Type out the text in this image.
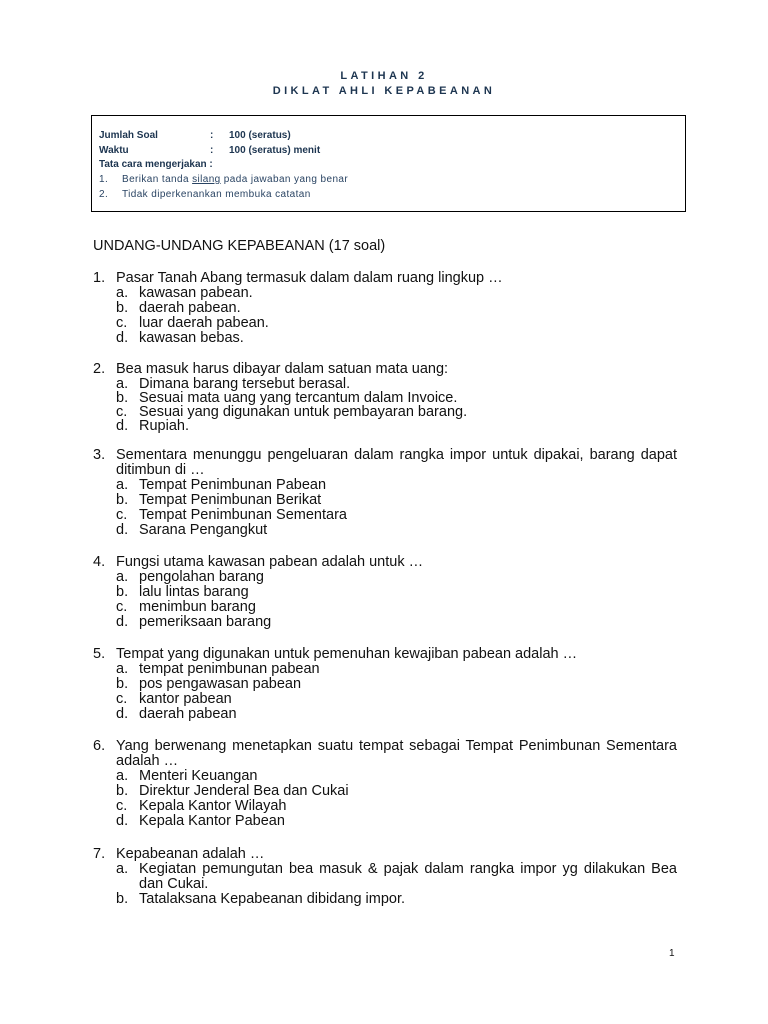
LATIHAN 2
DIKLAT AHLI KEPABEANAN
Jumlah Soal	: 100 (seratus)
Waktu	: 100 (seratus) menit
Tata cara mengerjakan :
1. Berikan tanda silang pada jawaban yang benar
2. Tidak diperkenankan membuka catatan
UNDANG-UNDANG KEPABEANAN (17 soal)
1. Pasar Tanah Abang termasuk dalam dalam ruang lingkup …
a. kawasan pabean.
b. daerah pabean.
c. luar daerah pabean.
d. kawasan bebas.
2. Bea masuk harus dibayar dalam satuan mata uang:
a. Dimana barang tersebut berasal.
b. Sesuai mata uang yang tercantum dalam Invoice.
c. Sesuai yang digunakan untuk pembayaran barang.
d. Rupiah.
3. Sementara menunggu pengeluaran dalam rangka impor untuk dipakai, barang dapat ditimbun di …
a. Tempat Penimbunan Pabean
b. Tempat Penimbunan Berikat
c. Tempat Penimbunan Sementara
d. Sarana Pengangkut
4. Fungsi utama kawasan pabean adalah untuk …
a. pengolahan barang
b. lalu lintas barang
c. menimbun barang
d. pemeriksaan barang
5. Tempat yang digunakan untuk pemenuhan kewajiban pabean adalah …
a. tempat penimbunan pabean
b. pos pengawasan pabean
c. kantor pabean
d. daerah pabean
6. Yang berwenang menetapkan suatu tempat sebagai Tempat Penimbunan Sementara adalah …
a. Menteri Keuangan
b. Direktur Jenderal Bea dan Cukai
c. Kepala Kantor Wilayah
d. Kepala Kantor Pabean
7. Kepabeanan adalah …
a. Kegiatan pemungutan bea masuk & pajak dalam rangka impor yg dilakukan Bea dan Cukai.
b. Tatalaksana Kepabeanan dibidang impor.
1
